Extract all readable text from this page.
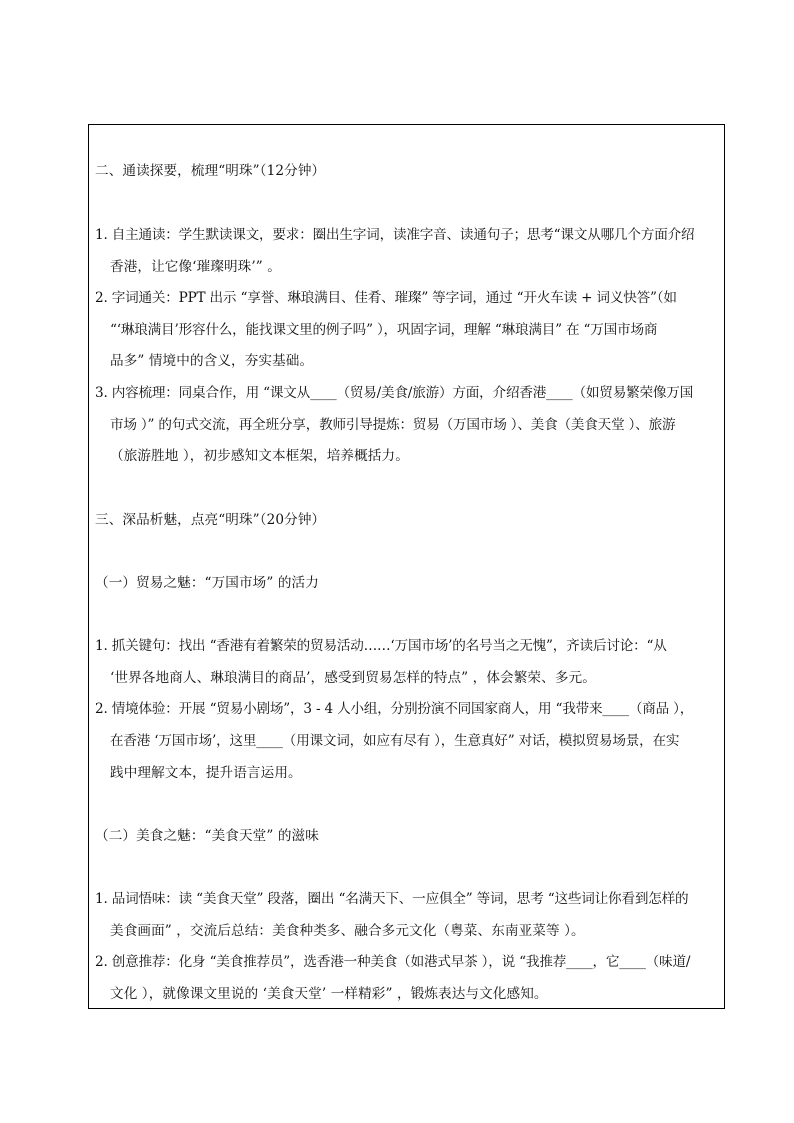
二、通读探要，梳理“明珠”（12分钟）
1. 自主通读：学生默读课文，要求：圈出生字词，读准字音、读通句子；思考“课文从哪几个方面介绍
香港，让它像‘璀璨明珠’” 。
2. 字词通关：PPT 出示 “享誉、琳琅满目、佳肴、璀璨” 等字词，通过 “开火车读 + 词义快答”（如
“‘琳琅满目’形容什么，能找课文里的例子吗” ），巩固字词，理解 “琳琅满目” 在 “万国市场商
品多” 情境中的含义，夯实基础。
3. 内容梳理：同桌合作，用 “课文从____（贸易/美食/旅游）方面，介绍香港____（如贸易繁荣像万国
市场 ）” 的句式交流，再全班分享，教师引导提炼：贸易（万国市场 ）、美食（美食天堂 ）、旅游
（旅游胜地 ），初步感知文本框架，培养概括力。
三、深品析魅，点亮“明珠”（20分钟）
（一）贸易之魅：“万国市场” 的活力
1. 抓关键句：找出 “香港有着繁荣的贸易活动……‘万国市场’的名号当之无愧”，齐读后讨论：“从
‘世界各地商人、琳琅满目的商品’，感受到贸易怎样的特点” ，体会繁荣、多元。
2. 情境体验：开展 “贸易小剧场”，3 - 4 人小组，分别扮演不同国家商人，用 “我带来____（商品 ），
在香港 ‘万国市场’，这里____（用课文词，如应有尽有 ），生意真好” 对话，模拟贸易场景，在实
践中理解文本，提升语言运用。
（二）美食之魅：“美食天堂” 的滋味
1. 品词悟味：读 “美食天堂” 段落，圈出 “名满天下、一应俱全” 等词，思考 “这些词让你看到怎样的
美食画面” ，交流后总结：美食种类多、融合多元文化（粤菜、东南亚菜等 ）。
2. 创意推荐：化身 “美食推荐员”，选香港一种美食（如港式早茶 ），说 “我推荐____，它____（味道/
文化 ），就像课文里说的 ‘美食天堂’ 一样精彩” ，锻炼表达与文化感知。
